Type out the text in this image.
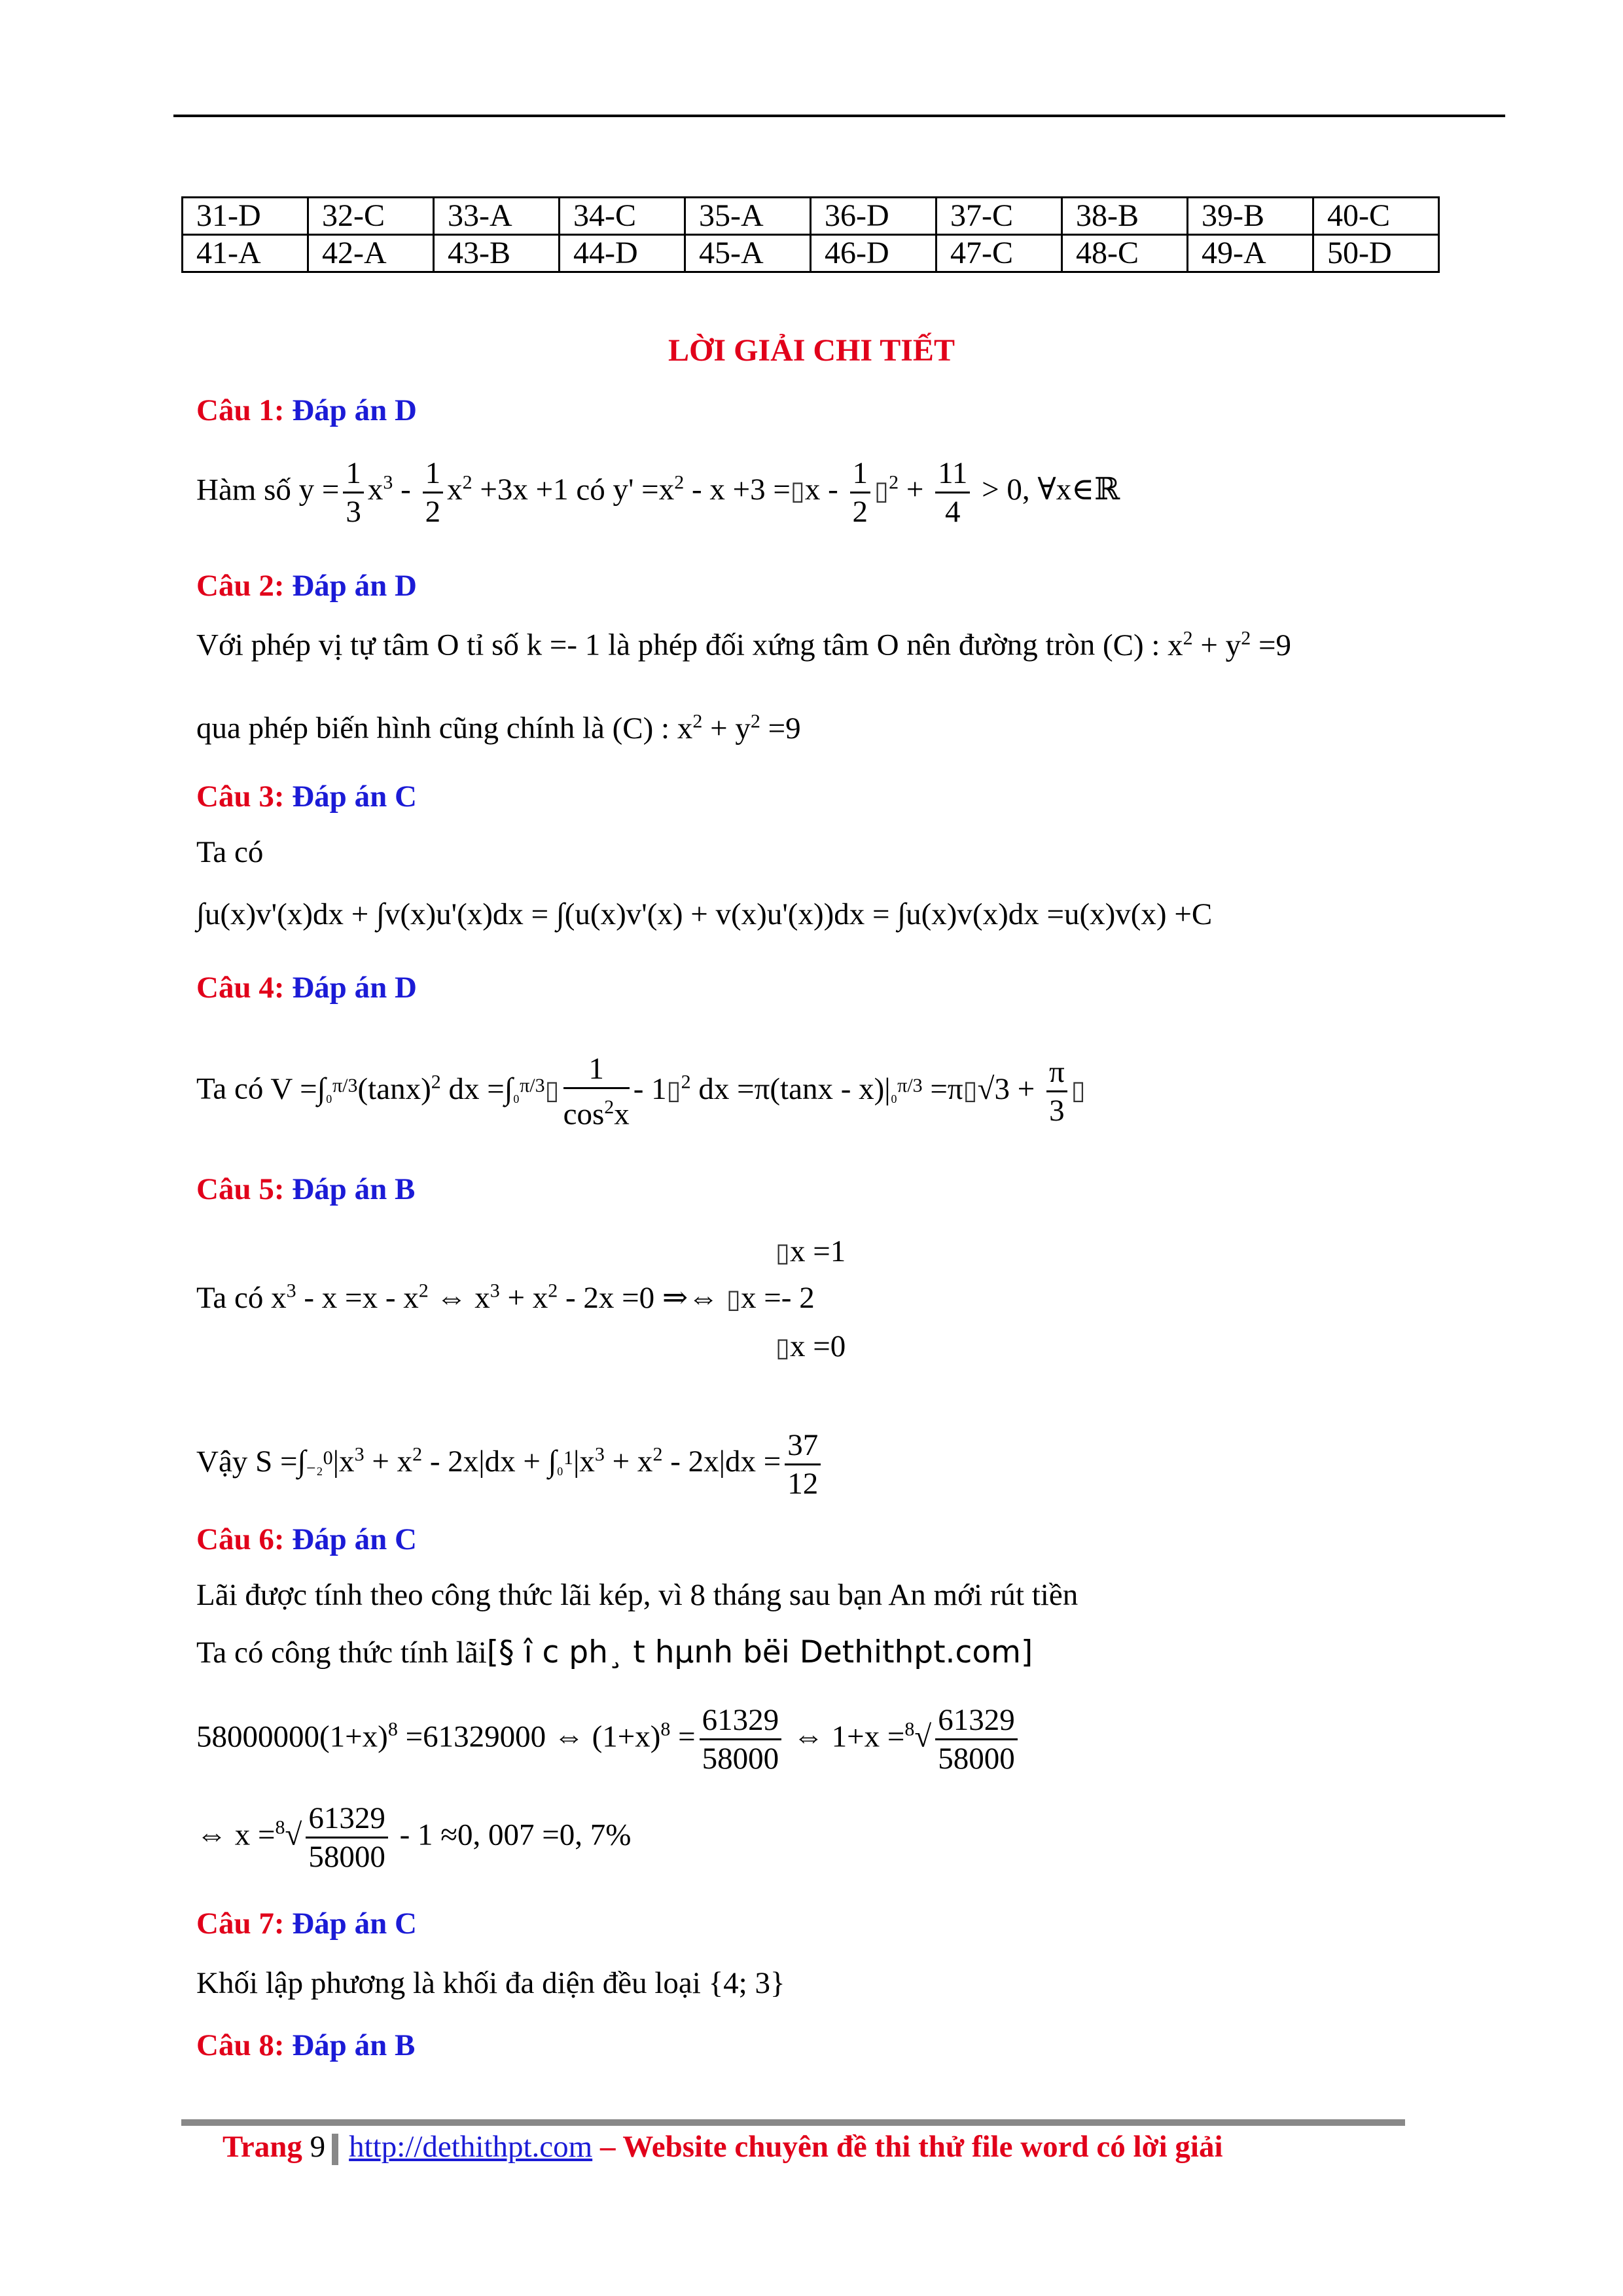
31-D	32-C	33-A	34-C	35-A	36-D	37-C	38-B	39-B	40-C
41-A	42-A	43-B	44-D	45-A	46-D	47-C	48-C	49-A	50-D
LỜI GIẢI CHI TIẾT
Câu 1: Đáp án D
Hàm số $y = \frac{1}{3} x^3 - \frac{1}{2} x^2 +3x +1$ có $y' =x^2 - x +3$ =▯x - $\frac{1}{2}$ ▯$^2$ + $\frac{11}{4} > 0$, ∀x∈ℝ
Câu 2: Đáp án D
Với phép vị tự tâm O tỉ số k =- 1 là phép đối xứng tâm O nên đường tròn (C) : $x^2 + y^2 =9$
qua phép biến hình cũng chính là (C) : $x^2 + y^2 =9$
Câu 3: Đáp án C
Ta có
∫u(x)v'(x)dx + ∫v(x)u'(x)dx = ∫(u(x)v'(x) + v(x)u'(x))dx = ∫u(x)v(x)dx =u(x)v(x) +C
Câu 4: Đáp án D
Ta có $V =\int_0^{\pi/3}(\tan x)^2$ dx =∫₀$^{\pi/3}$▯ $\frac{1}{\cos^2x}$ - 1▯$^2$ dx =π(tanx - x)|₀$^{\pi/3}$ =π▯√3 + $\frac{\pi}{3}$ ▯
Câu 5: Đáp án B
▯x =1
Ta có $x^3 - x =x - x^2$ ⇔ $x^3 + x^2 - 2x =0$ ⇒⇔ ▯x =- 2
▯x =0
Vậy $S =\int_{-2}^0|x^3 + x^2 - 2x|dx + \int_0^1|x^3 + x^2 - 2x|dx = \frac{37}{12}$
Câu 6: Đáp án C
Lãi được tính theo công thức lãi kép, vì 8 tháng sau bạn An mới rút tiền
Ta có công thức tính lãi[§ î c ph¸ t hµnh bëi Dethithpt.com]
$58000000(1+x)^8 =61329000$ ⇔ $(1+x)^8 = \frac{61329}{58000}$ ⇔ $1+x =^8√ \frac{61329}{58000}$
⇔ $x =^8√ \frac{61329}{58000} - 1 \approx 0$, 007 =0, 7%
Câu 7: Đáp án C
Khối lập phương là khối đa diện đều loại {4; 3}
Câu 8: Đáp án B
Trang 9 http://dethithpt.com – Website chuyên đề thi thử file word có lời giải
